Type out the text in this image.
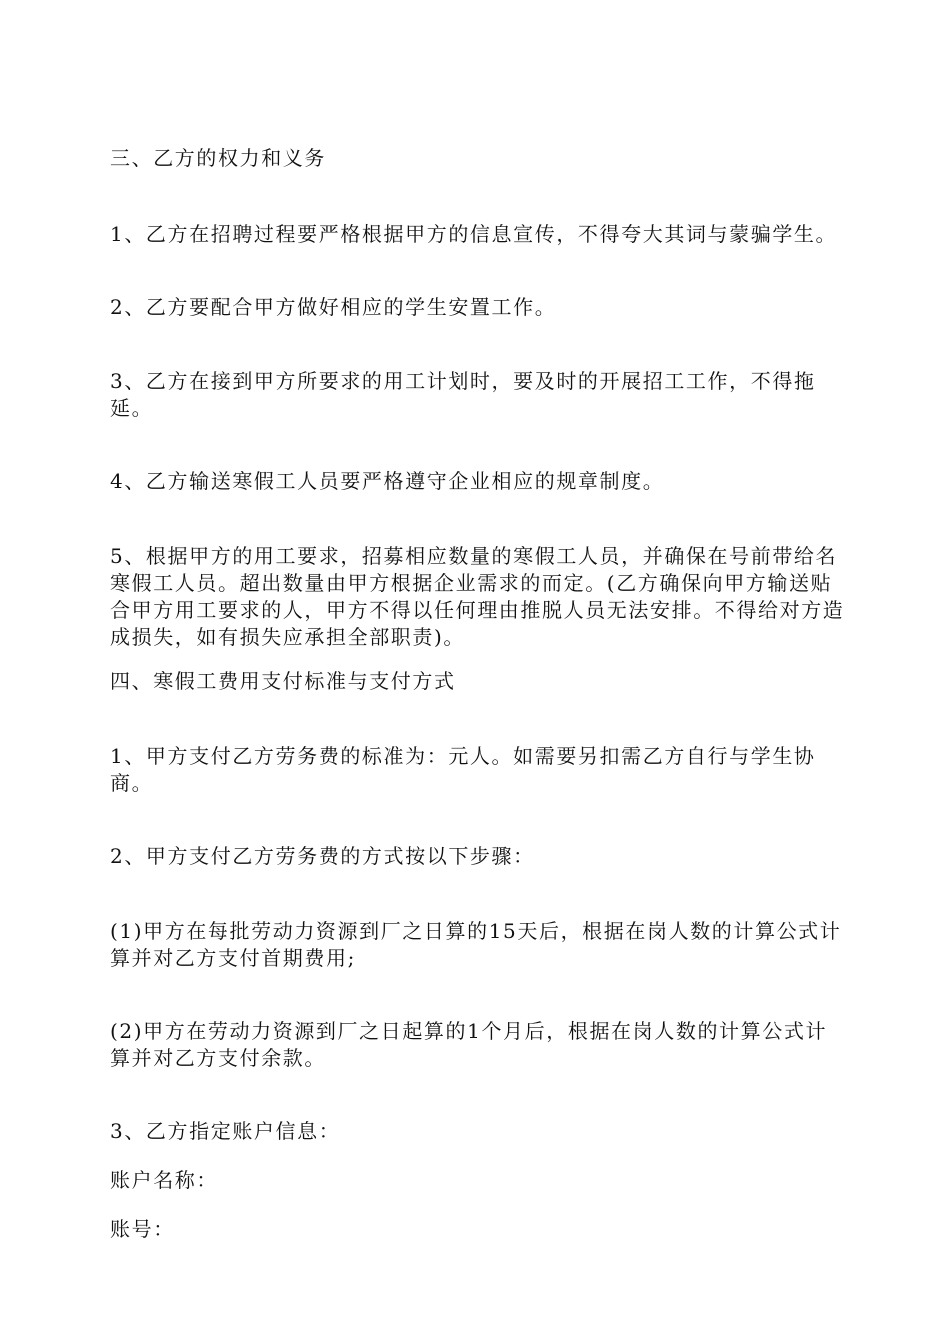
三、乙方的权力和义务

1、乙方在招聘过程要严格根据甲方的信息宣传，不得夸大其词与蒙骗学生。

2、乙方要配合甲方做好相应的学生安置工作。

3、乙方在接到甲方所要求的用工计划时，要及时的开展招工工作，不得拖延。

4、乙方输送寒假工人员要严格遵守企业相应的规章制度。

5、根据甲方的用工要求，招募相应数量的寒假工人员，并确保在号前带给名寒假工人员。超出数量由甲方根据企业需求的而定。(乙方确保向甲方输送贴合甲方用工要求的人，甲方不得以任何理由推脱人员无法安排。不得给对方造成损失，如有损失应承担全部职责)。

四、寒假工费用支付标准与支付方式

1、甲方支付乙方劳务费的标准为：元人。如需要另扣需乙方自行与学生协商。

2、甲方支付乙方劳务费的方式按以下步骤：

(1)甲方在每批劳动力资源到厂之日算的15天后，根据在岗人数的计算公式计算并对乙方支付首期费用;

(2)甲方在劳动力资源到厂之日起算的1个月后，根据在岗人数的计算公式计算并对乙方支付余款。

3、乙方指定账户信息：

账户名称：

账号：
